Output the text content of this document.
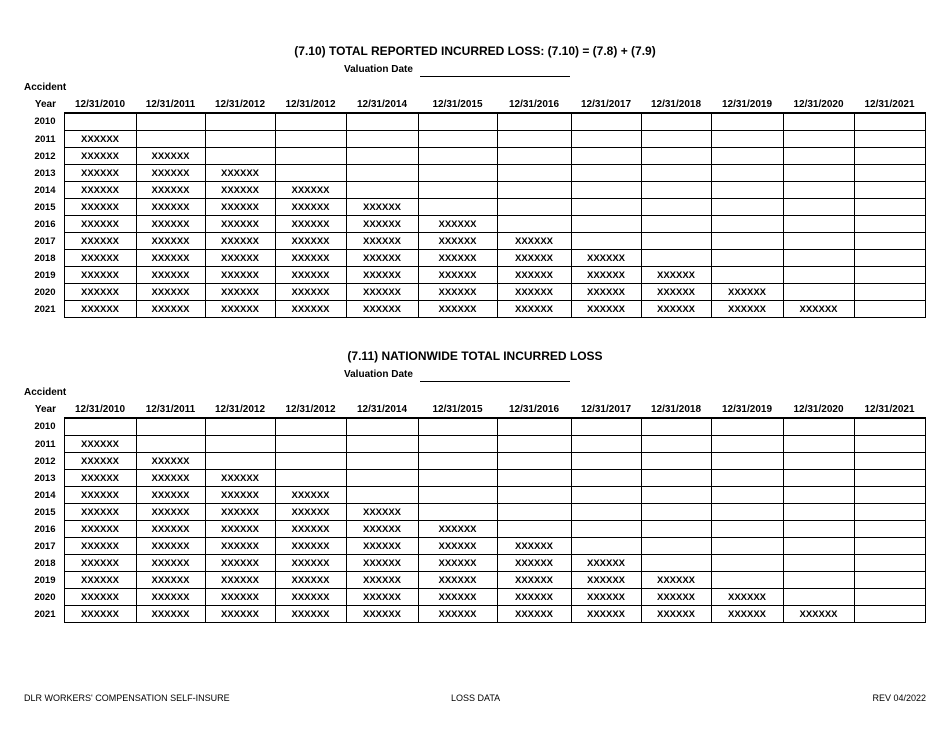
(7.10) TOTAL REPORTED INCURRED LOSS: (7.10) = (7.8) + (7.9)
Valuation Date
Accident
Year	12/31/2010	12/31/2011	12/31/2012	12/31/2012	12/31/2014	12/31/2015	12/31/2016	12/31/2017	12/31/2018	12/31/2019	12/31/2020	12/31/2021
2010												
2011	XXXXXX											
2012	XXXXXX	XXXXXX										
2013	XXXXXX	XXXXXX	XXXXXX									
2014	XXXXXX	XXXXXX	XXXXXX	XXXXXX								
2015	XXXXXX	XXXXXX	XXXXXX	XXXXXX	XXXXXX							
2016	XXXXXX	XXXXXX	XXXXXX	XXXXXX	XXXXXX	XXXXXX						
2017	XXXXXX	XXXXXX	XXXXXX	XXXXXX	XXXXXX	XXXXXX	XXXXXX					
2018	XXXXXX	XXXXXX	XXXXXX	XXXXXX	XXXXXX	XXXXXX	XXXXXX	XXXXXX				
2019	XXXXXX	XXXXXX	XXXXXX	XXXXXX	XXXXXX	XXXXXX	XXXXXX	XXXXXX	XXXXXX			
2020	XXXXXX	XXXXXX	XXXXXX	XXXXXX	XXXXXX	XXXXXX	XXXXXX	XXXXXX	XXXXXX	XXXXXX		
2021	XXXXXX	XXXXXX	XXXXXX	XXXXXX	XXXXXX	XXXXXX	XXXXXX	XXXXXX	XXXXXX	XXXXXX	XXXXXX	
(7.11) NATIONWIDE TOTAL INCURRED LOSS
Valuation Date
Accident
Year	12/31/2010	12/31/2011	12/31/2012	12/31/2012	12/31/2014	12/31/2015	12/31/2016	12/31/2017	12/31/2018	12/31/2019	12/31/2020	12/31/2021
2010												
2011	XXXXXX											
2012	XXXXXX	XXXXXX										
2013	XXXXXX	XXXXXX	XXXXXX									
2014	XXXXXX	XXXXXX	XXXXXX	XXXXXX								
2015	XXXXXX	XXXXXX	XXXXXX	XXXXXX	XXXXXX							
2016	XXXXXX	XXXXXX	XXXXXX	XXXXXX	XXXXXX	XXXXXX						
2017	XXXXXX	XXXXXX	XXXXXX	XXXXXX	XXXXXX	XXXXXX	XXXXXX					
2018	XXXXXX	XXXXXX	XXXXXX	XXXXXX	XXXXXX	XXXXXX	XXXXXX	XXXXXX				
2019	XXXXXX	XXXXXX	XXXXXX	XXXXXX	XXXXXX	XXXXXX	XXXXXX	XXXXXX	XXXXXX			
2020	XXXXXX	XXXXXX	XXXXXX	XXXXXX	XXXXXX	XXXXXX	XXXXXX	XXXXXX	XXXXXX	XXXXXX		
2021	XXXXXX	XXXXXX	XXXXXX	XXXXXX	XXXXXX	XXXXXX	XXXXXX	XXXXXX	XXXXXX	XXXXXX	XXXXXX	
DLR WORKERS' COMPENSATION SELF-INSURE	LOSS DATA	REV 04/2022
